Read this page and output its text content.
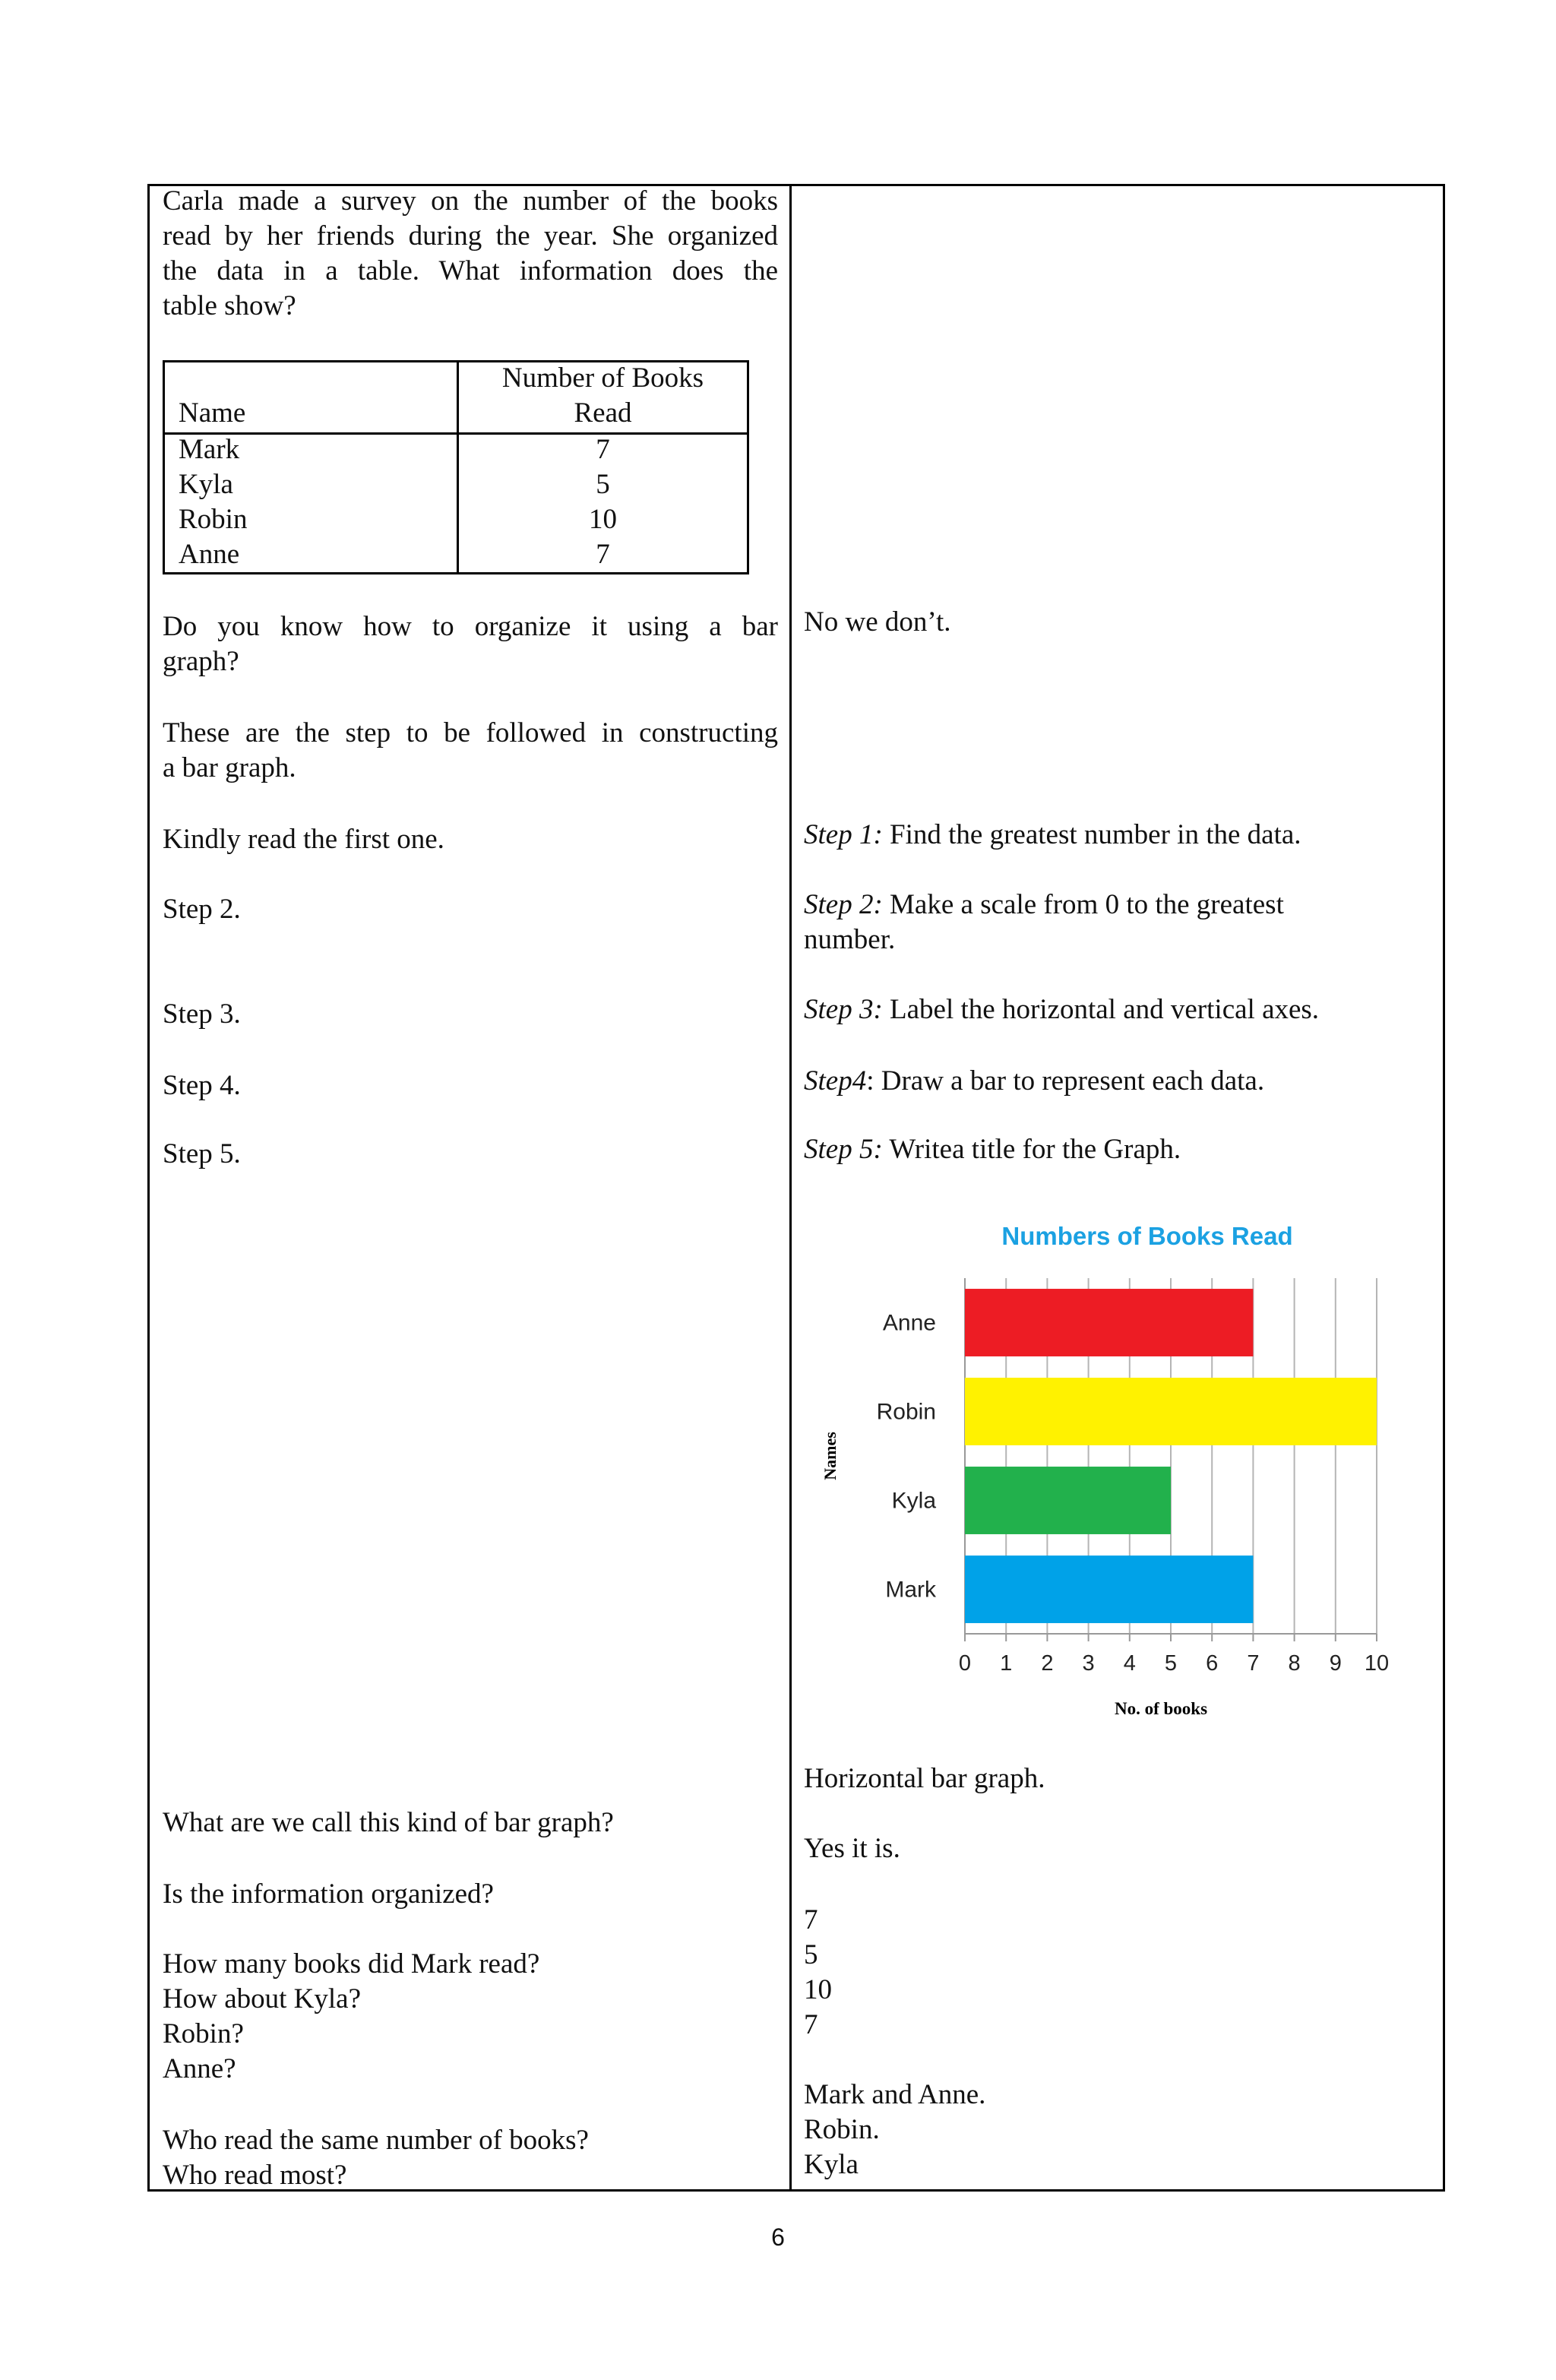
Carla made a survey on the number of the books
read by her friends during the year. She organized
the data in a table. What information does the
table show?
Name
Number of Books
Read
Mark	7
Kyla	5
Robin	10
Anne	7
Do you know how to organize it using a bar
graph?
These are the step to be followed in constructing
a bar graph.
Kindly read the first one.
Step 2.
Step 3.
Step 4.
Step 5.
What are we call this kind of bar graph?
Is the information organized?
How many books did Mark read?
How about Kyla?
Robin?
Anne?
Who read the same number of books?
Who read most?
No we don’t.
Step 1: Find the greatest number in the data.
Step 2: Make a scale from 0 to the greatest
number.
Step 3: Label the horizontal and vertical axes.
Step4: Draw a bar to represent each data.
Step 5: Writea title for the Graph.
Numbers of Books Read
Names
No. of books
Anne
Robin
Kyla
Mark
0 1 2 3 4 5 6 7 8 9 10
Horizontal bar graph.
Yes it is.
7
5
10
7
Mark and Anne.
Robin.
Kyla
6
